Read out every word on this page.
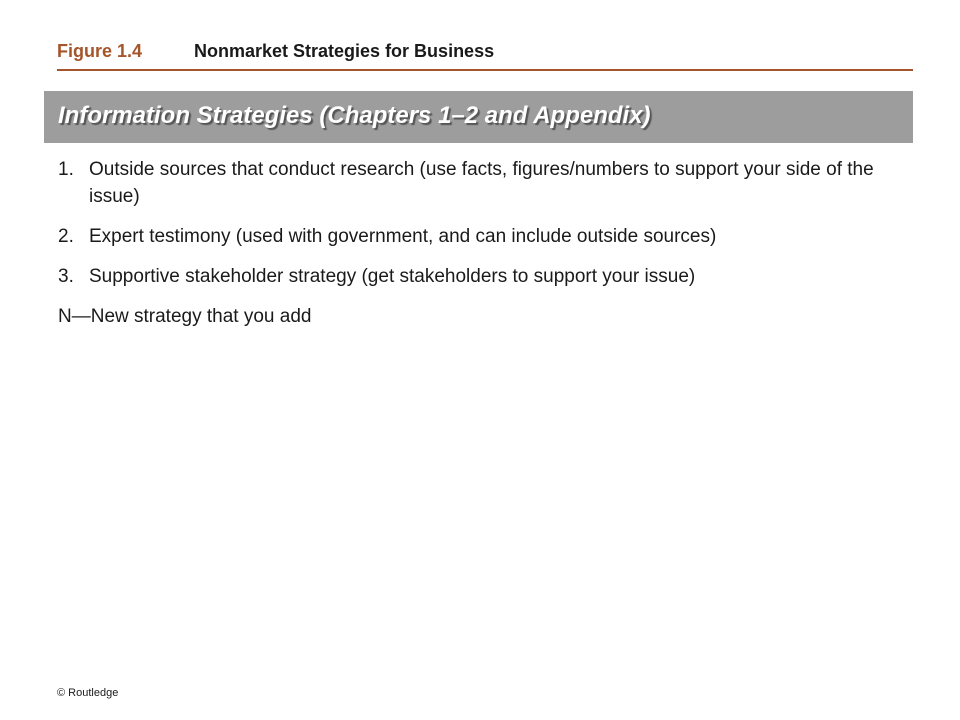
Figure 1.4	Nonmarket Strategies for Business
Information Strategies (Chapters 1–2 and Appendix)
1. Outside sources that conduct research (use facts, figures/numbers to support your side of the issue)
2. Expert testimony (used with government, and can include outside sources)
3. Supportive stakeholder strategy (get stakeholders to support your issue)
N—New strategy that you add
© Routledge
